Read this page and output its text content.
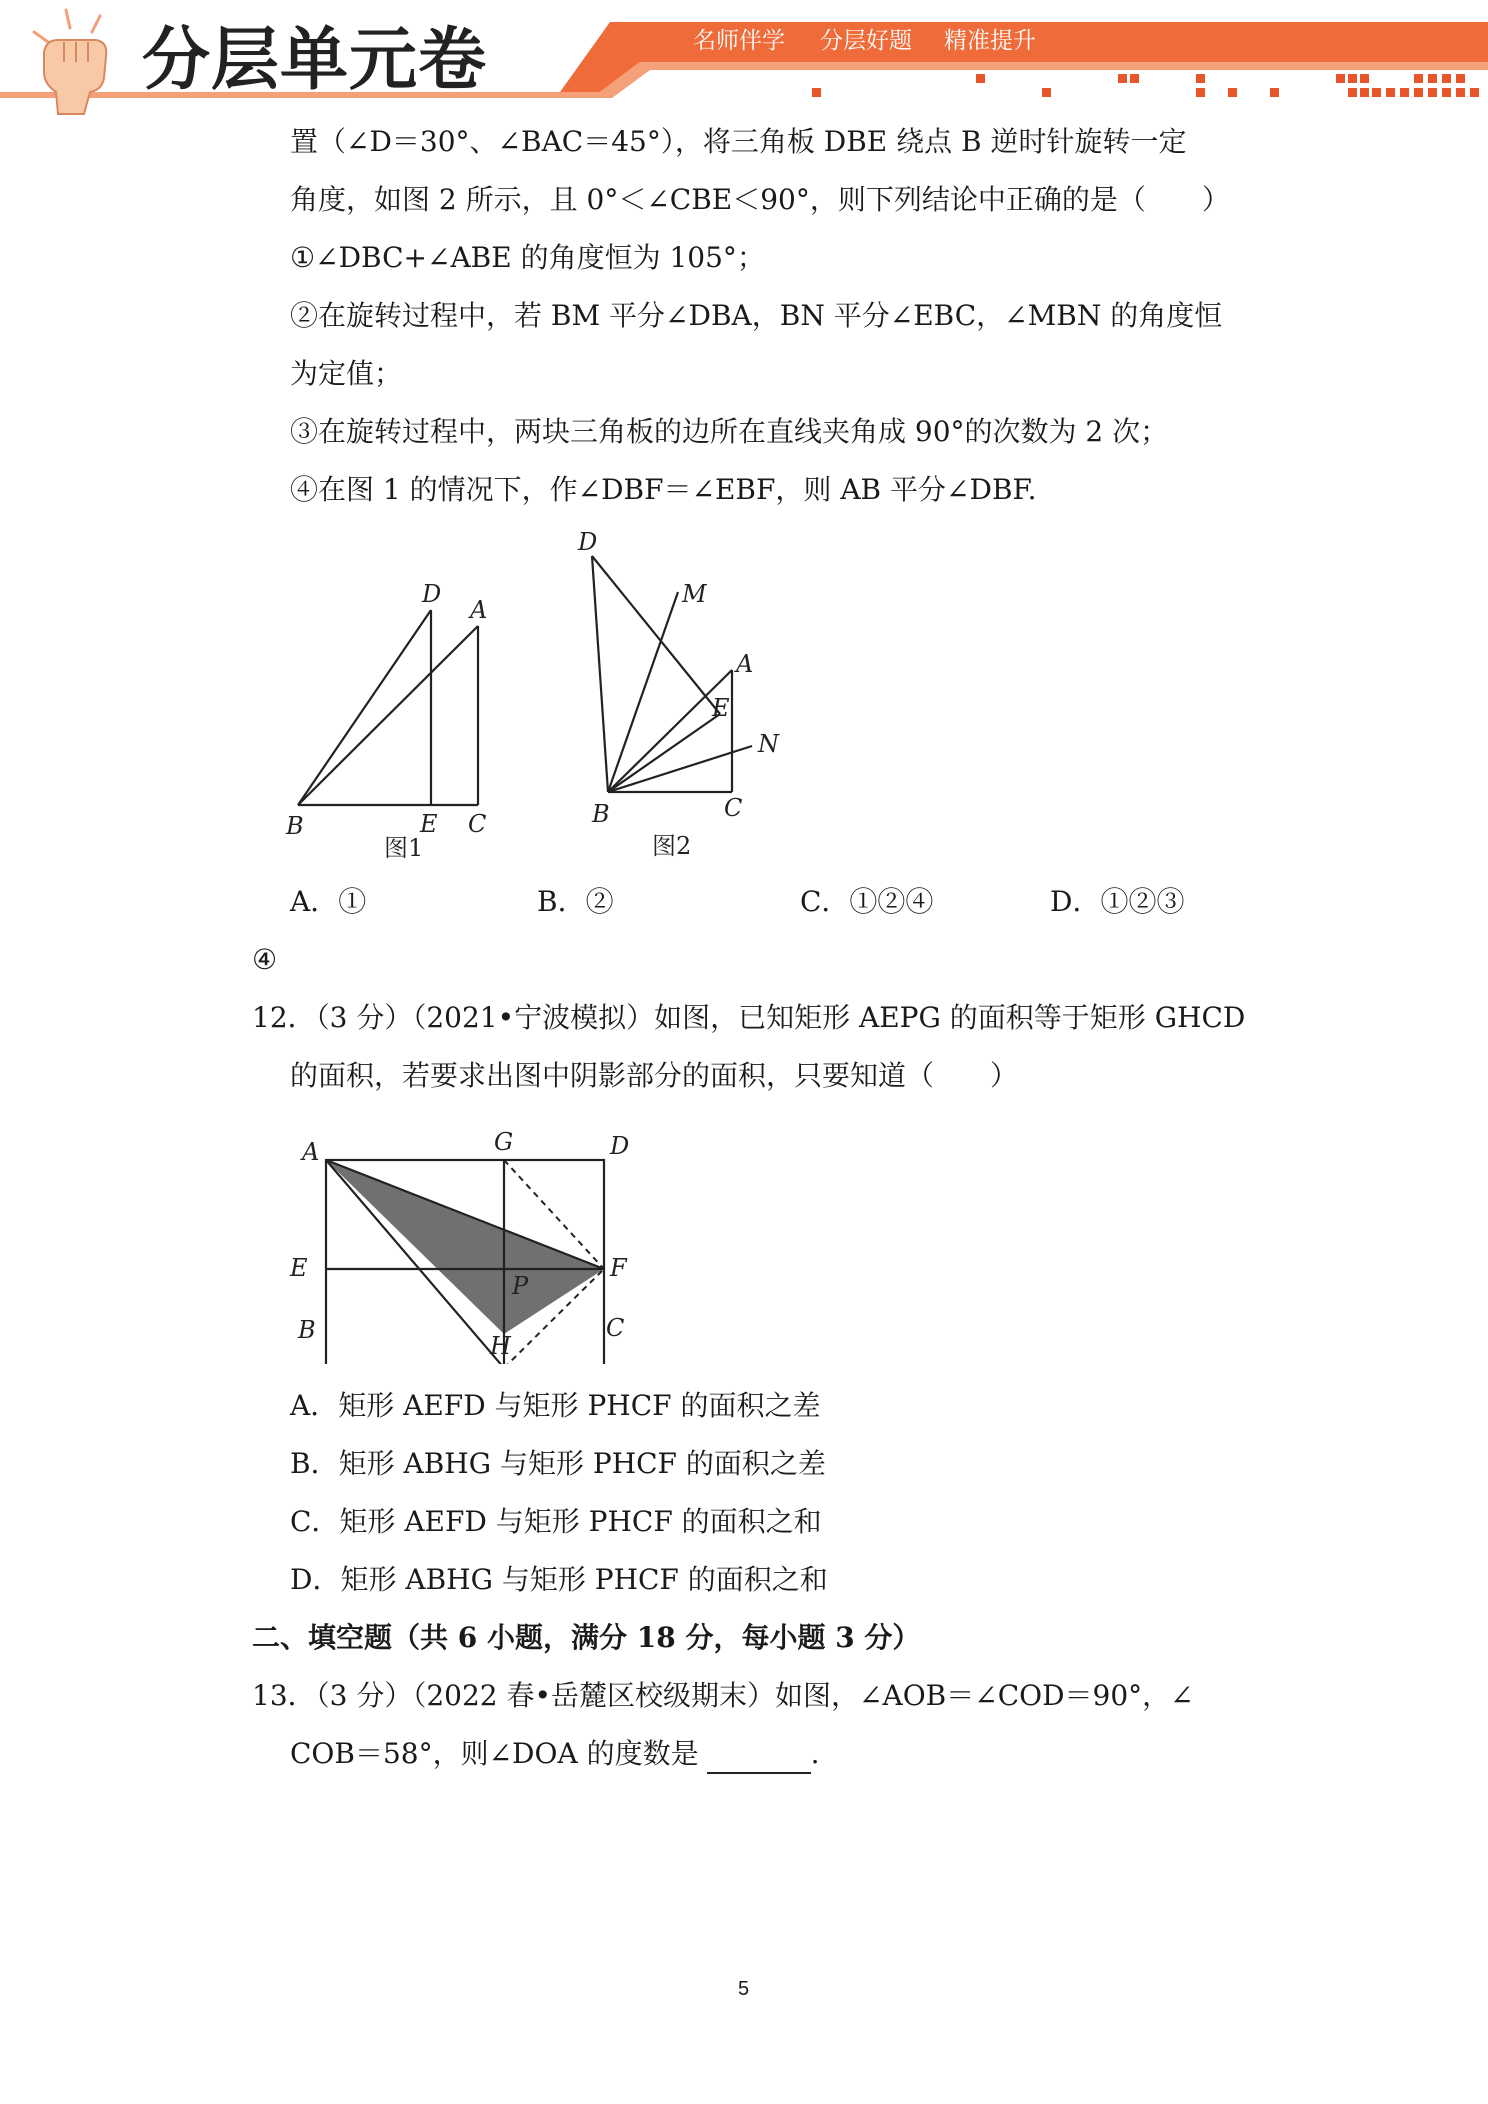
分层单元卷	名师伴学 分层好题 精准提升
置（∠D＝30°、∠BAC＝45°），将三角板 DBE 绕点 B 逆时针旋转一定
角度，如图 2 所示，且 0°＜∠CBE＜90°，则下列结论中正确的是（　　）
①∠DBC+∠ABE 的角度恒为 105°；
②在旋转过程中，若 BM 平分∠DBA，BN 平分∠EBC，∠MBN 的角度恒
为定值；
③在旋转过程中，两块三角板的边所在直线夹角成 90°的次数为 2 次；
④在图 1 的情况下，作∠DBF＝∠EBF，则 AB 平分∠DBF.
D
A
B	E C
图1
D
M
A
E
N
B	C
图2
A．①	B．②	C．①②④	D．①②③
④
12．（3 分）（2021•宁波模拟）如图，已知矩形 AEPG 的面积等于矩形 GHCD
的面积，若要求出图中阴影部分的面积，只要知道（　　）
A	G	D
E	F
P
B
H
C
A．矩形 AEFD 与矩形 PHCF 的面积之差
B．矩形 ABHG 与矩形 PHCF 的面积之差
C．矩形 AEFD 与矩形 PHCF 的面积之和
D．矩形 ABHG 与矩形 PHCF 的面积之和
二、填空题（共 6 小题，满分 18 分，每小题 3 分）
13．（3 分）（2022 春•岳麓区校级期末）如图，∠AOB＝∠COD＝90°，∠
COB＝58°，则∠DOA 的度数是	.
5
